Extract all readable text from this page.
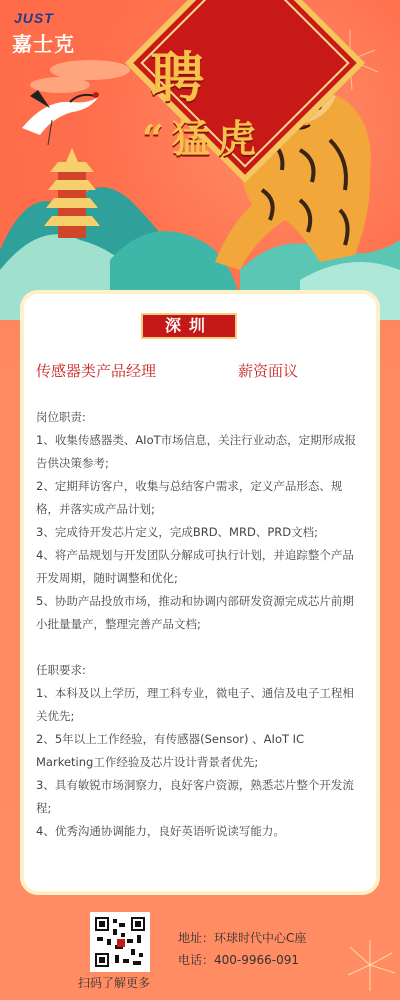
聘
“猛虎
JUST
嘉士克
深圳
传感器类产品经理	薪资面议

岗位职责:

1、收集传感器类、AIoT市场信息，关注行业动态，定期形成报告供决策参考;

2、定期拜访客户，收集与总结客户需求，定义产品形态、规格，并落实成产品计划;

3、完成待开发芯片定义，完成BRD、MRD、PRD文档;

4、将产品规划与开发团队分解成可执行计划，并追踪整个产品开发周期，随时调整和优化;

5、协助产品投放市场，推动和协调内部研发资源完成芯片前期小批量量产，整理完善产品文档;

任职要求:

1、本科及以上学历，理工科专业，微电子、通信及电子工程相关优先;

2、5年以上工作经验，有传感器(Sensor) 、AIoT IC Marketing工作经验及芯片设计背景者优先;

3、具有敏锐市场洞察力，良好客户资源，熟悉芯片整个开发流程;

4、优秀沟通协调能力，良好英语听说读写能力。

扫码了解更多
地址：环球时代中心C座
电话：400-9966-091
